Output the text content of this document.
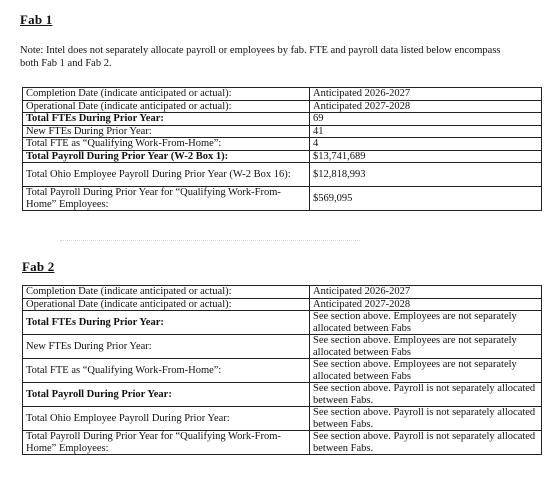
Fab 1
Note: Intel does not separately allocate payroll or employees by fab. FTE and payroll data listed below encompass both Fab 1 and Fab 2.
Completion Date (indicate anticipated or actual):	Anticipated 2026-2027
Operational Date (indicate anticipated or actual):	Anticipated 2027-2028
Total FTEs During Prior Year:	69
New FTEs During Prior Year:	41
Total FTE as “Qualifying Work-From-Home”:	4
Total Payroll During Prior Year (W-2 Box 1):	$13,741,689
Total Ohio Employee Payroll During Prior Year (W-2 Box 16):	$12,818,993
Total Payroll During Prior Year for “Qualifying Work-From-Home” Employees:	$569,095
Fab 2
Completion Date (indicate anticipated or actual):	Anticipated 2026-2027
Operational Date (indicate anticipated or actual):	Anticipated 2027-2028
Total FTEs During Prior Year:	See section above. Employees are not separately allocated between Fabs
New FTEs During Prior Year:	See section above. Employees are not separately allocated between Fabs
Total FTE as “Qualifying Work-From-Home”:	See section above. Employees are not separately allocated between Fabs
Total Payroll During Prior Year:	See section above. Payroll is not separately allocated between Fabs.
Total Ohio Employee Payroll During Prior Year:	See section above. Payroll is not separately allocated between Fabs.
Total Payroll During Prior Year for “Qualifying Work-From-Home” Employees:	See section above. Payroll is not separately allocated between Fabs.
